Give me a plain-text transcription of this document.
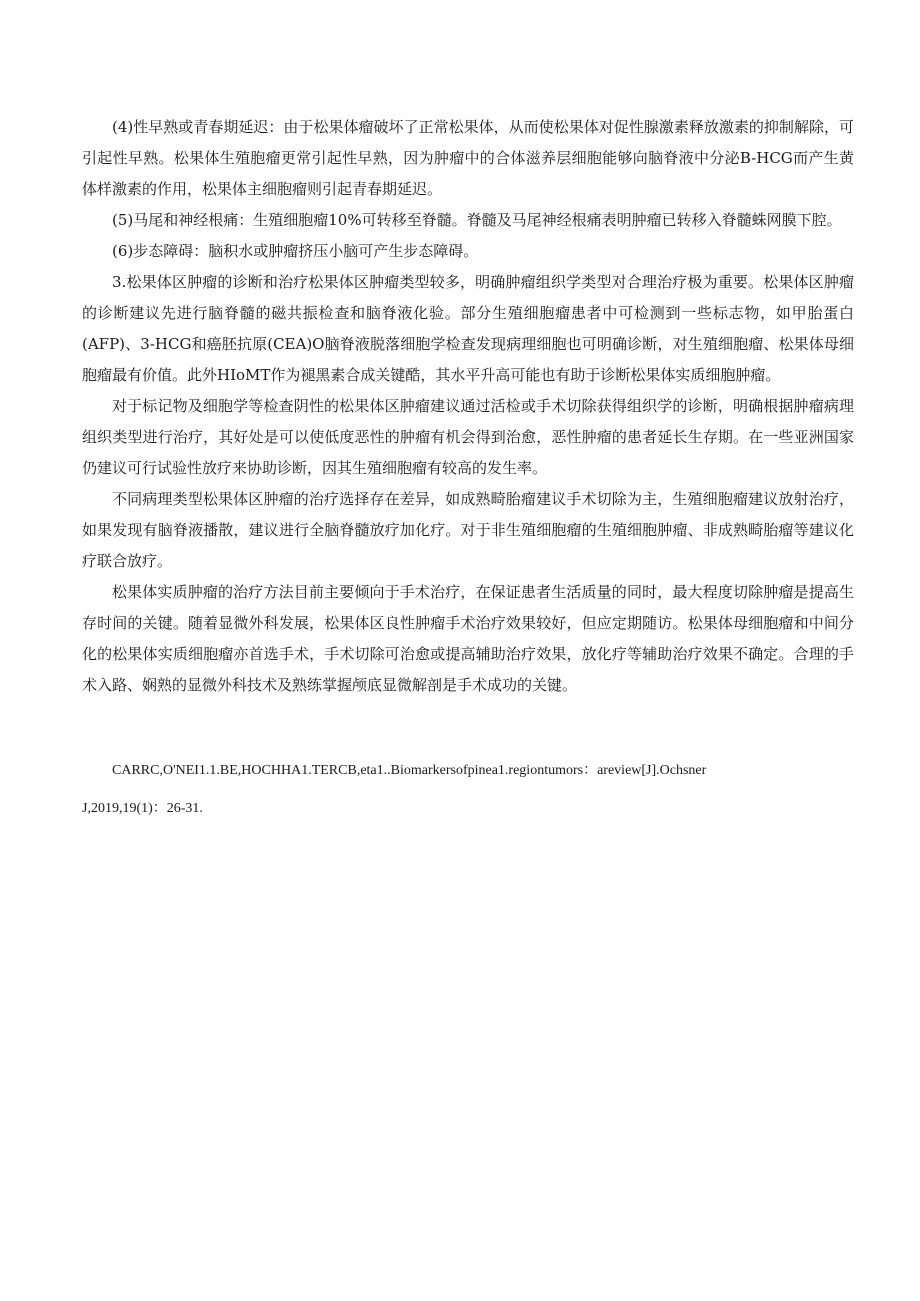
(4)性早熟或青春期延迟：由于松果体瘤破坏了正常松果体，从而使松果体对促性腺激素释放激素的抑制解除，可引起性早熟。松果体生殖胞瘤更常引起性早熟，因为肿瘤中的合体滋养层细胞能够向脑脊液中分泌B-HCG而产生黄体样激素的作用，松果体主细胞瘤则引起青春期延迟。

(5)马尾和神经根痛：生殖细胞瘤10%可转移至脊髓。脊髓及马尾神经根痛表明肿瘤已转移入脊髓蛛网膜下腔。

(6)步态障碍：脑积水或肿瘤挤压小脑可产生步态障碍。

3.松果体区肿瘤的诊断和治疗松果体区肿瘤类型较多，明确肿瘤组织学类型对合理治疗极为重要。松果体区肿瘤的诊断建议先进行脑脊髓的磁共振检查和脑脊液化验。部分生殖细胞瘤患者中可检测到一些标志物，如甲胎蛋白(AFP)、3-HCG和癌胚抗原(CEA)O脑脊液脱落细胞学检查发现病理细胞也可明确诊断，对生殖细胞瘤、松果体母细胞瘤最有价值。此外HIoMT作为褪黑素合成关键酷，其水平升高可能也有助于诊断松果体实质细胞肿瘤。

对于标记物及细胞学等检查阴性的松果体区肿瘤建议通过活检或手术切除获得组织学的诊断，明确根据肿瘤病理组织类型进行治疗，其好处是可以使低度恶性的肿瘤有机会得到治愈，恶性肿瘤的患者延长生存期。在一些亚洲国家仍建议可行试验性放疗来协助诊断，因其生殖细胞瘤有较高的发生率。

不同病理类型松果体区肿瘤的治疗选择存在差异，如成熟畸胎瘤建议手术切除为主，生殖细胞瘤建议放射治疗，如果发现有脑脊液播散，建议进行全脑脊髓放疗加化疗。对于非生殖细胞瘤的生殖细胞肿瘤、非成熟畸胎瘤等建议化疗联合放疗。

松果体实质肿瘤的治疗方法目前主要倾向于手术治疗，在保证患者生活质量的同时，最大程度切除肿瘤是提高生存时间的关键。随着显微外科发展，松果体区良性肿瘤手术治疗效果较好，但应定期随访。松果体母细胞瘤和中间分化的松果体实质细胞瘤亦首选手术，手术切除可治愈或提高辅助治疗效果，放化疗等辅助治疗效果不确定。合理的手术入路、娴熟的显微外科技术及熟练掌握颅底显微解剖是手术成功的关键。

CARRC,O'NEI1.1.BE,HOCHHA1.TERCB,eta1..Biomarkersofpinea1.regiontumors：areview[J].Ochsner

J,2019,19(1)：26-31.
